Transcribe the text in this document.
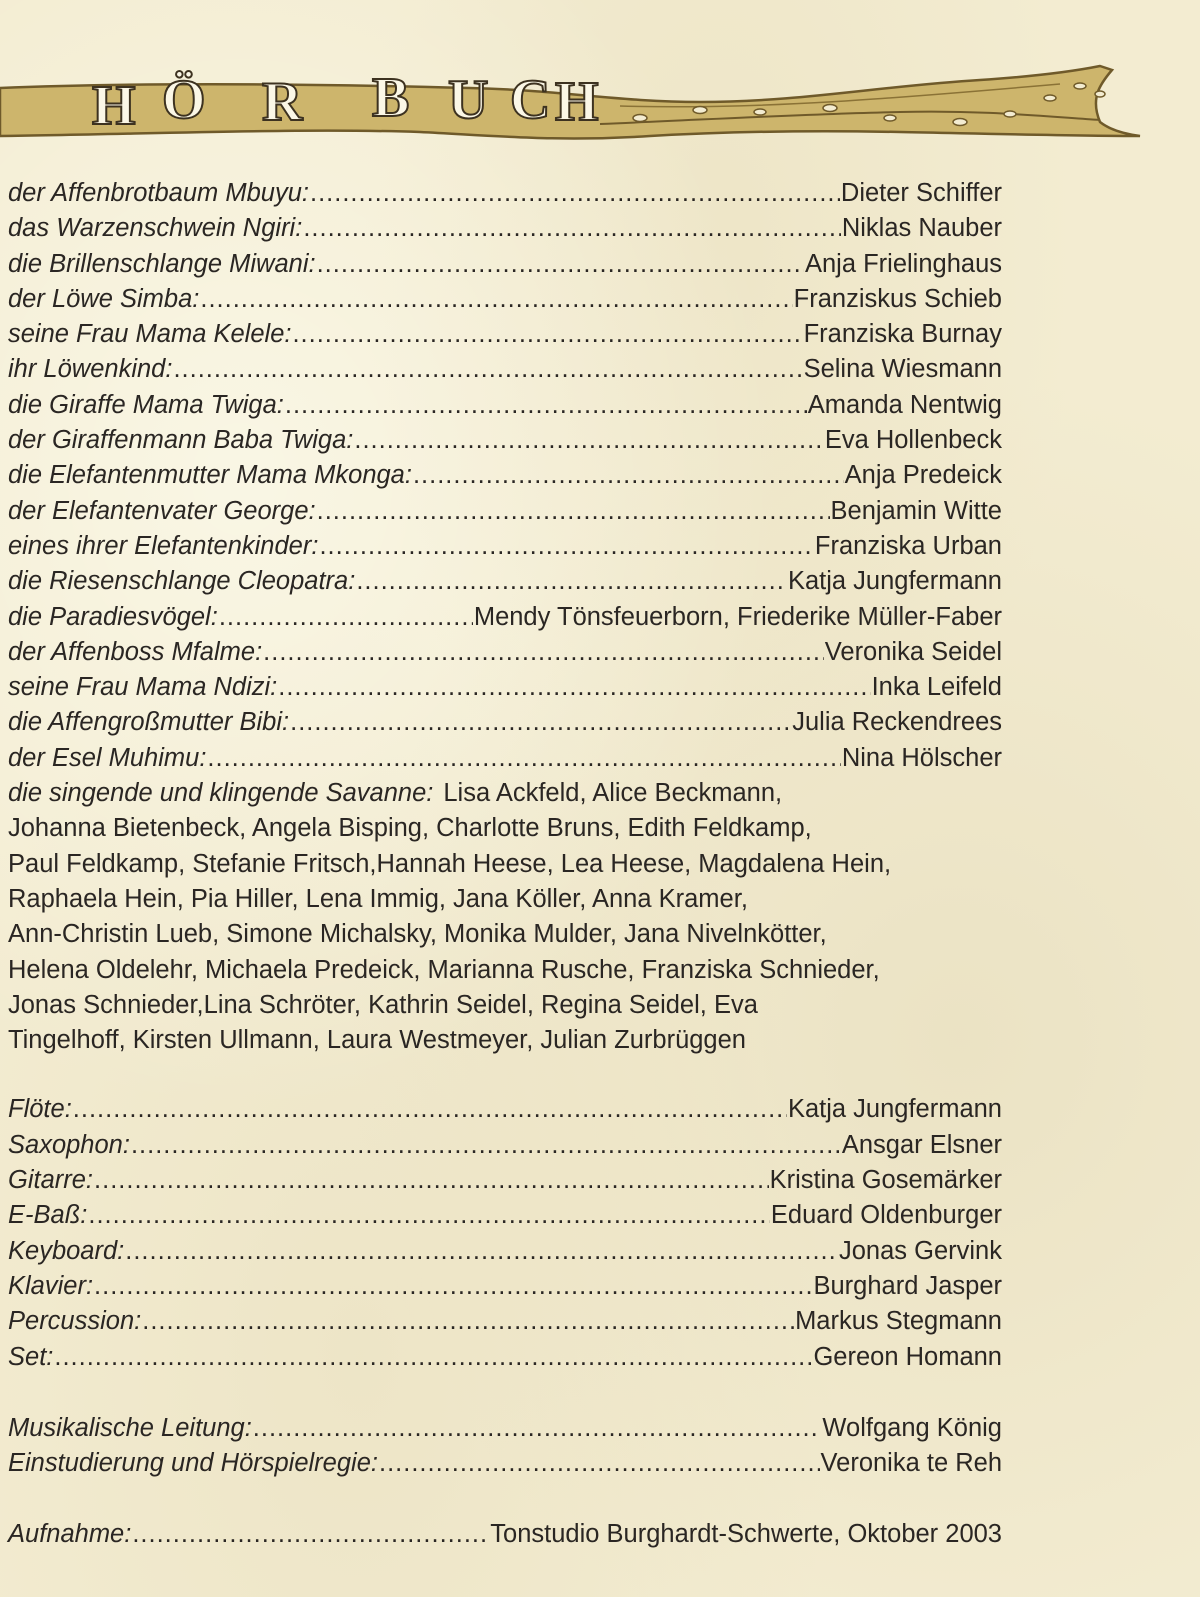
H Ö R B U C H
der Affenbrotbaum Mbuyu: .....	Dieter Schiffer
das Warzenschwein Ngiri: .....	Niklas Nauber
die Brillenschlange Miwani: .....	Anja Frielinghaus
der Löwe Simba: .....	Franziskus Schieb
seine Frau Mama Kelele: .....	Franziska Burnay
ihr Löwenkind: .....	Selina Wiesmann
die Giraffe Mama Twiga: .....	Amanda Nentwig
der Giraffenmann Baba Twiga: .....	Eva Hollenbeck
die Elefantenmutter Mama Mkonga: .....	Anja Predeick
der Elefantenvater George: .....	Benjamin Witte
eines ihrer Elefantenkinder: .....	Franziska Urban
die Riesenschlange Cleopatra: .....	Katja Jungfermann
die Paradiesvögel: .....	Mendy Tönsfeuerborn, Friederike Müller-Faber
der Affenboss Mfalme: .....	Veronika Seidel
seine Frau Mama Ndizi: .....	Inka Leifeld
die Affengroßmutter Bibi: .....	Julia Reckendrees
der Esel Muhimu: .....	Nina Hölscher
die singende und klingende Savanne: Lisa Ackfeld, Alice Beckmann,
Johanna Bietenbeck, Angela Bisping, Charlotte Bruns, Edith Feldkamp,
Paul Feldkamp, Stefanie Fritsch,Hannah Heese, Lea Heese, Magdalena Hein,
Raphaela Hein, Pia Hiller, Lena Immig, Jana Köller, Anna Kramer,
Ann-Christin Lueb, Simone Michalsky, Monika Mulder, Jana Nivelnkötter,
Helena Oldelehr, Michaela Predeick, Marianna Rusche, Franziska Schnieder,
Jonas Schnieder,Lina Schröter, Kathrin Seidel, Regina Seidel, Eva
Tingelhoff, Kirsten Ullmann, Laura Westmeyer, Julian Zurbrüggen
Flöte: .....	Katja Jungfermann
Saxophon: .....	Ansgar Elsner
Gitarre: .....	Kristina Gosemärker
E-Baß: .....	Eduard Oldenburger
Keyboard: .....	Jonas Gervink
Klavier: .....	Burghard Jasper
Percussion: .....	Markus Stegmann
Set: .....	Gereon Homann
Musikalische Leitung: .....	Wolfgang König
Einstudierung und Hörspielregie: .....	Veronika te Reh
Aufnahme: .....	Tonstudio Burghardt-Schwerte, Oktober 2003
